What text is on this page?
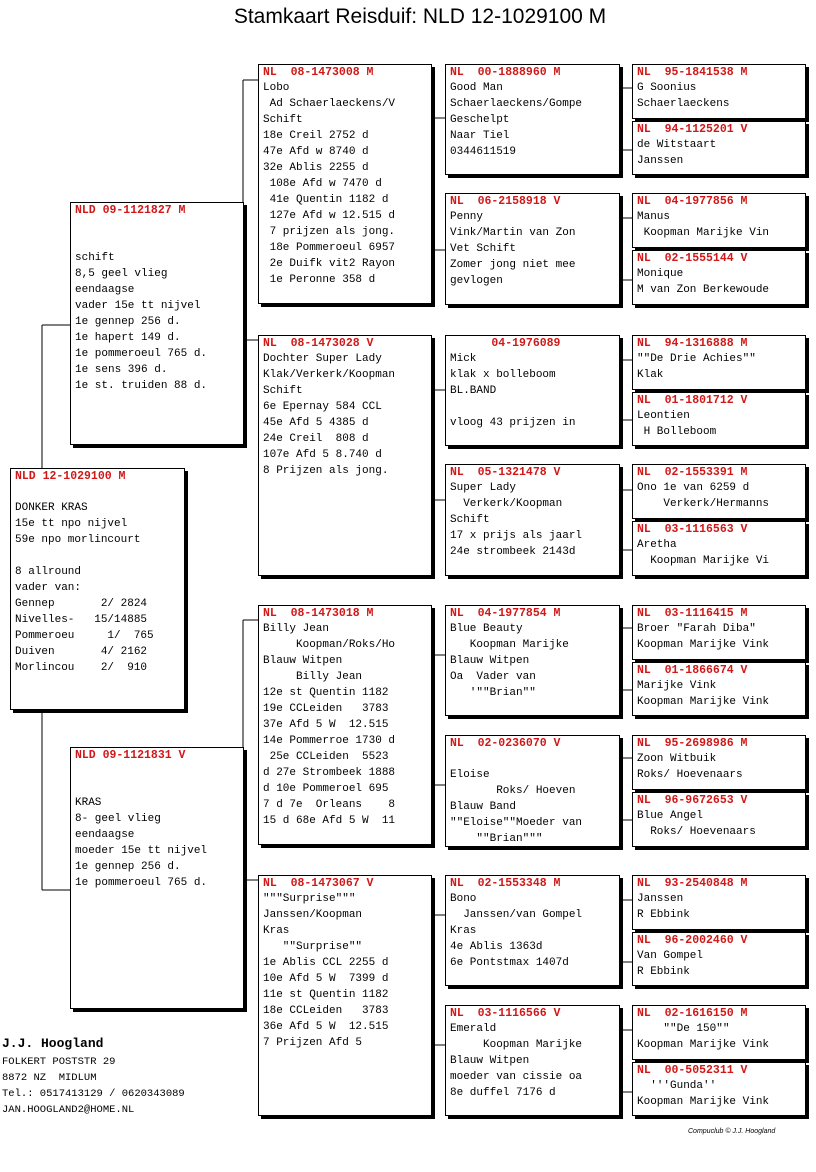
Stamkaart Reisduif: NLD 12-1029100 M
NLD 12-1029100 M

DONKER KRAS
15e tt npo nijvel
59e npo morlincourt

8 allround
vader van:
Gennep       2/ 2824
Nivelles-   15/14885
Pommeroeu     1/  765
Duiven       4/ 2162
Morlincou    2/  910
NLD 09-1121827 M

schift
8,5 geel vlieg
eendaagse
vader 15e tt nijvel
1e gennep 256 d.
1e hapert 149 d.
1e pommeroeul 765 d.
1e sens 396 d.
1e st. truiden 88 d.
NLD 09-1121831 V

KRAS
8- geel vlieg
eendaagse
moeder 15e tt nijvel
1e gennep 256 d.
1e pommeroeul 765 d.
NL  08-1473008 M
Lobo
Ad Schaerlaeckens/V
Schift
18e Creil 2752 d
47e Afd w 8740 d
32e Ablis 2255 d
108e Afd w 7470 d
41e Quentin 1182 d
127e Afd w 12.515 d
7 prijzen als jong.
18e Pommeroeul 6957
2e Duifk vit2 Rayon
1e Peronne 358 d
NL  08-1473028 V
Dochter Super Lady
Klak/Verkerk/Koopman
Schift
6e Epernay 584 CCL
45e Afd 5 4385 d
24e Creil  808 d
107e Afd 5 8.740 d
8 Prijzen als jong.
NL  08-1473018 M
Billy Jean
Koopman/Roks/Ho
Blauw Witpen
Billy Jean
12e st Quentin 1182
19e CCLeiden   3783
37e Afd 5 W  12.515
14e Pommerroe 1730 d
25e CCLeiden  5523
d 27e Strombeek 1888
d 10e Pommeroel 695
7 d 7e  Orleans    8
15 d 68e Afd 5 W  11
NL  08-1473067 V
"""Surprise"""
Janssen/Koopman
Kras
""Surprise""
1e Ablis CCL 2255 d
10e Afd 5 W  7399 d
11e st Quentin 1182
18e CCLeiden   3783
36e Afd 5 W  12.515
7 Prijzen Afd 5
NL  00-1888960 M
Good Man
Schaerlaeckens/Gompe
Geschelpt
Naar Tiel
0344611519
NL  06-2158918 V
Penny
Vink/Martin van Zon
Vet Schift
Zomer jong niet mee
gevlogen
04-1976089
Mick
klak x bolleboom
BL.BAND

vloog 43 prijzen in
NL  05-1321478 V
Super Lady
Verkerk/Koopman
Schift
17 x prijs als jaarl
24e strombeek 2143d
NL  04-1977854 M
Blue Beauty
Koopman Marijke
Blauw Witpen
Oa  Vader van
'""Brian""
NL  02-0236070 V

Eloise
Roks/ Hoeven
Blauw Band
""Eloise""Moeder van
""Brian"""
NL  02-1553348 M
Bono
Janssen/van Gompel
Kras
4e Ablis 1363d
6e Pontstmax 1407d
NL  03-1116566 V
Emerald
Koopman Marijke
Blauw Witpen
moeder van cissie oa
8e duffel 7176 d
NL  95-1841538 M
G Soonius
Schaerlaeckens
NL  94-1125201 V
de Witstaart
Janssen
NL  04-1977856 M
Manus
Koopman Marijke Vin
NL  02-1555144 V
Monique
M van Zon Berkewoude
NL  94-1316888 M
""De Drie Achies""
Klak
NL  01-1801712 V
Leontien
H Bolleboom
NL  02-1553391 M
Ono 1e van 6259 d
Verkerk/Hermanns
NL  03-1116563 V
Aretha
Koopman Marijke Vi
NL  03-1116415 M
Broer "Farah Diba"
Koopman Marijke Vink
NL  01-1866674 V
Marijke Vink
Koopman Marijke Vink
NL  95-2698986 M
Zoon Witbuik
Roks/ Hoevenaars
NL  96-9672653 V
Blue Angel
Roks/ Hoevenaars
NL  93-2540848 M
Janssen
R Ebbink
NL  96-2002460 V
Van Gompel
R Ebbink
NL  02-1616150 M
""De 150""
Koopman Marijke Vink
NL  00-5052311 V
'''Gunda''
Koopman Marijke Vink
J.J. Hoogland
FOLKERT POSTSTR 29
8872 NZ  MIDLUM
Tel.: 0517413129 / 0620343089
JAN.HOOGLAND2@HOME.NL
Compuclub © J.J. Hoogland
